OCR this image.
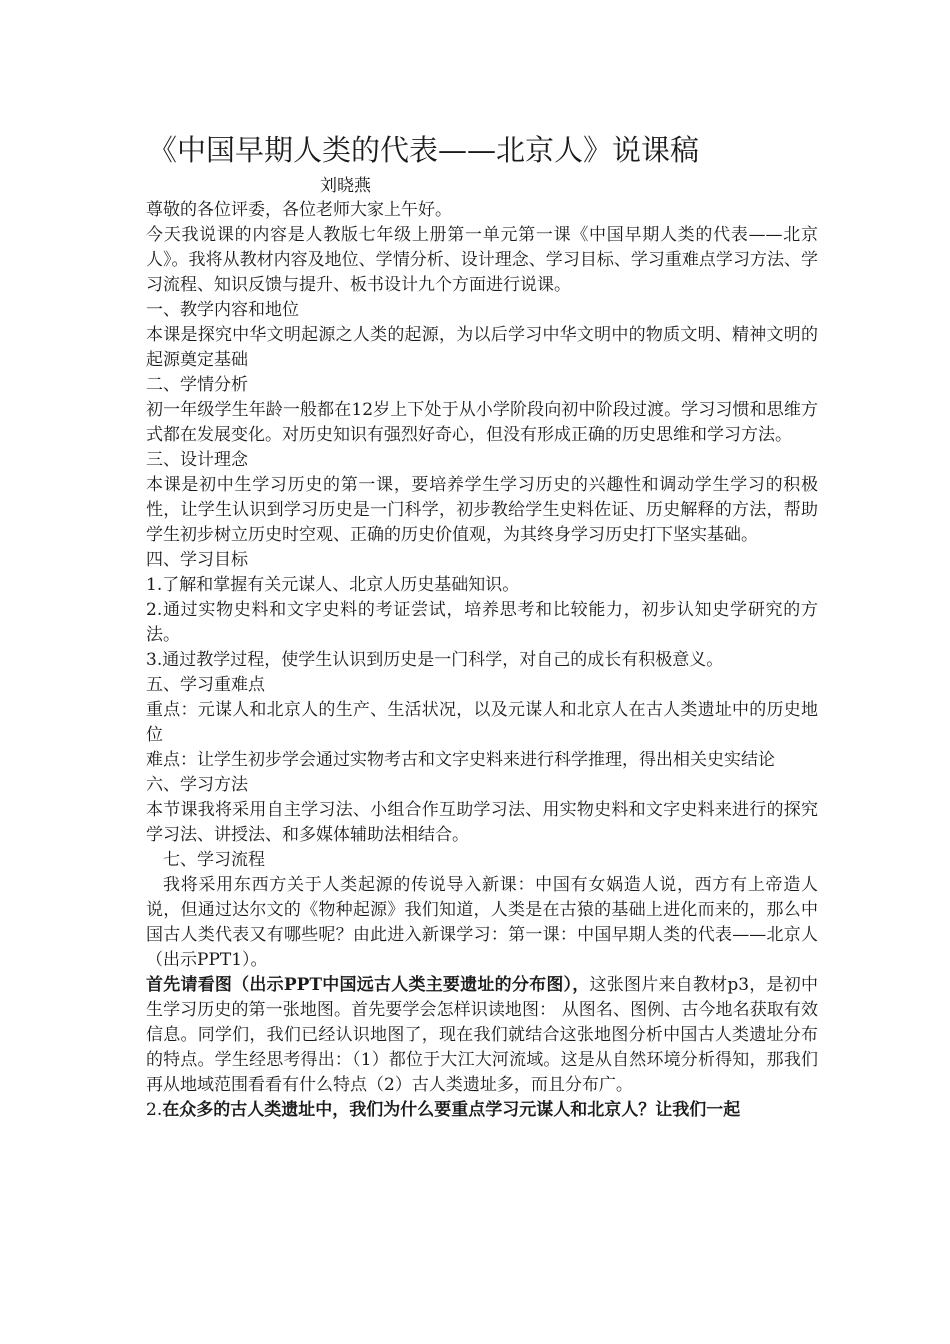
《中国早期人类的代表——北京人》说课稿
刘晓燕

尊敬的各位评委，各位老师大家上午好。

今天我说课的内容是人教版七年级上册第一单元第一课《中国早期人类的代表——北京人》。我将从教材内容及地位、学情分析、设计理念、学习目标、学习重难点学习方法、学习流程、知识反馈与提升、板书设计九个方面进行说课。

一、教学内容和地位

本课是探究中华文明起源之人类的起源，为以后学习中华文明中的物质文明、精神文明的起源奠定基础

二、学情分析

初一年级学生年龄一般都在12岁上下处于从小学阶段向初中阶段过渡。学习习惯和思维方式都在发展变化。对历史知识有强烈好奇心，但没有形成正确的历史思维和学习方法。

三、设计理念

本课是初中生学习历史的第一课，要培养学生学习历史的兴趣性和调动学生学习的积极性，让学生认识到学习历史是一门科学，初步教给学生史料佐证、历史解释的方法，帮助学生初步树立历史时空观、正确的历史价值观，为其终身学习历史打下坚实基础。

四、学习目标

1.了解和掌握有关元谋人、北京人历史基础知识。

2.通过实物史料和文字史料的考证尝试，培养思考和比较能力，初步认知史学研究的方法。

3.通过教学过程，使学生认识到历史是一门科学，对自己的成长有积极意义。

五、学习重难点

重点：元谋人和北京人的生产、生活状况，以及元谋人和北京人在古人类遗址中的历史地位

难点：让学生初步学会通过实物考古和文字史料来进行科学推理，得出相关史实结论

六、学习方法

本节课我将采用自主学习法、小组合作互助学习法、用实物史料和文字史料来进行的探究学习法、讲授法、和多媒体辅助法相结合。

七、学习流程

我将采用东西方关于人类起源的传说导入新课：中国有女娲造人说，西方有上帝造人说，但通过达尔文的《物种起源》我们知道，人类是在古猿的基础上进化而来的，那么中国古人类代表又有哪些呢？由此进入新课学习：第一课：中国早期人类的代表——北京人（出示PPT1）。

首先请看图（出示PPT中国远古人类主要遗址的分布图），这张图片来自教材p3，是初中生学习历史的第一张地图。首先要学会怎样识读地图： 从图名、图例、古今地名获取有效信息。同学们，我们已经认识地图了，现在我们就结合这张地图分析中国古人类遗址分布的特点。学生经思考得出：（1）都位于大江大河流域。这是从自然环境分析得知，那我们再从地域范围看看有什么特点（2）古人类遗址多，而且分布广。

2.在众多的古人类遗址中，我们为什么要重点学习元谋人和北京人？让我们一起
